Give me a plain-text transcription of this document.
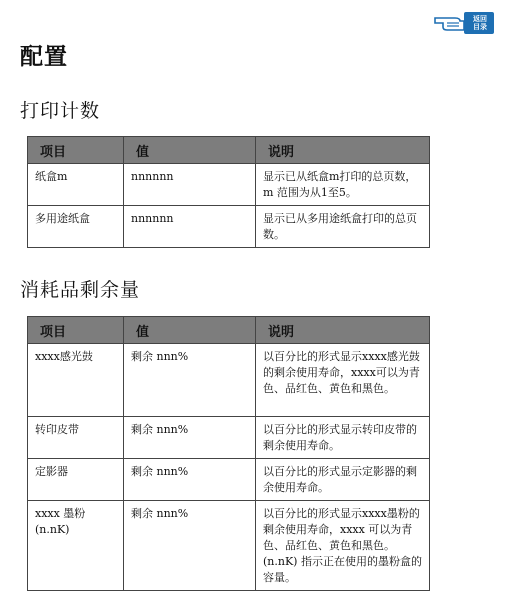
返回
目录
配置
打印计数
项目	值	说明
纸盒m	nnnnnn	显示已从纸盒m打印的总页数， m 范围为从1至5。
多用途纸盒	nnnnnn	显示已从多用途纸盒打印的总页数。
消耗品剩余量
项目	值	说明
xxxx感光鼓	剩余 nnn%	以百分比的形式显示xxxx感光鼓的剩余使用寿命，xxxx可以为青色、品红色、黄色和黑色。
转印皮带	剩余 nnn%	以百分比的形式显示转印皮带的剩余使用寿命。
定影器	剩余 nnn%	以百分比的形式显示定影器的剩余使用寿命。
xxxx 墨粉 (n.nK)	剩余 nnn%	以百分比的形式显示xxxx墨粉的剩余使用寿命，xxxx 可以为青色、品红色、黄色和黑色。(n.nK) 指示正在使用的墨粉盒的容量。
